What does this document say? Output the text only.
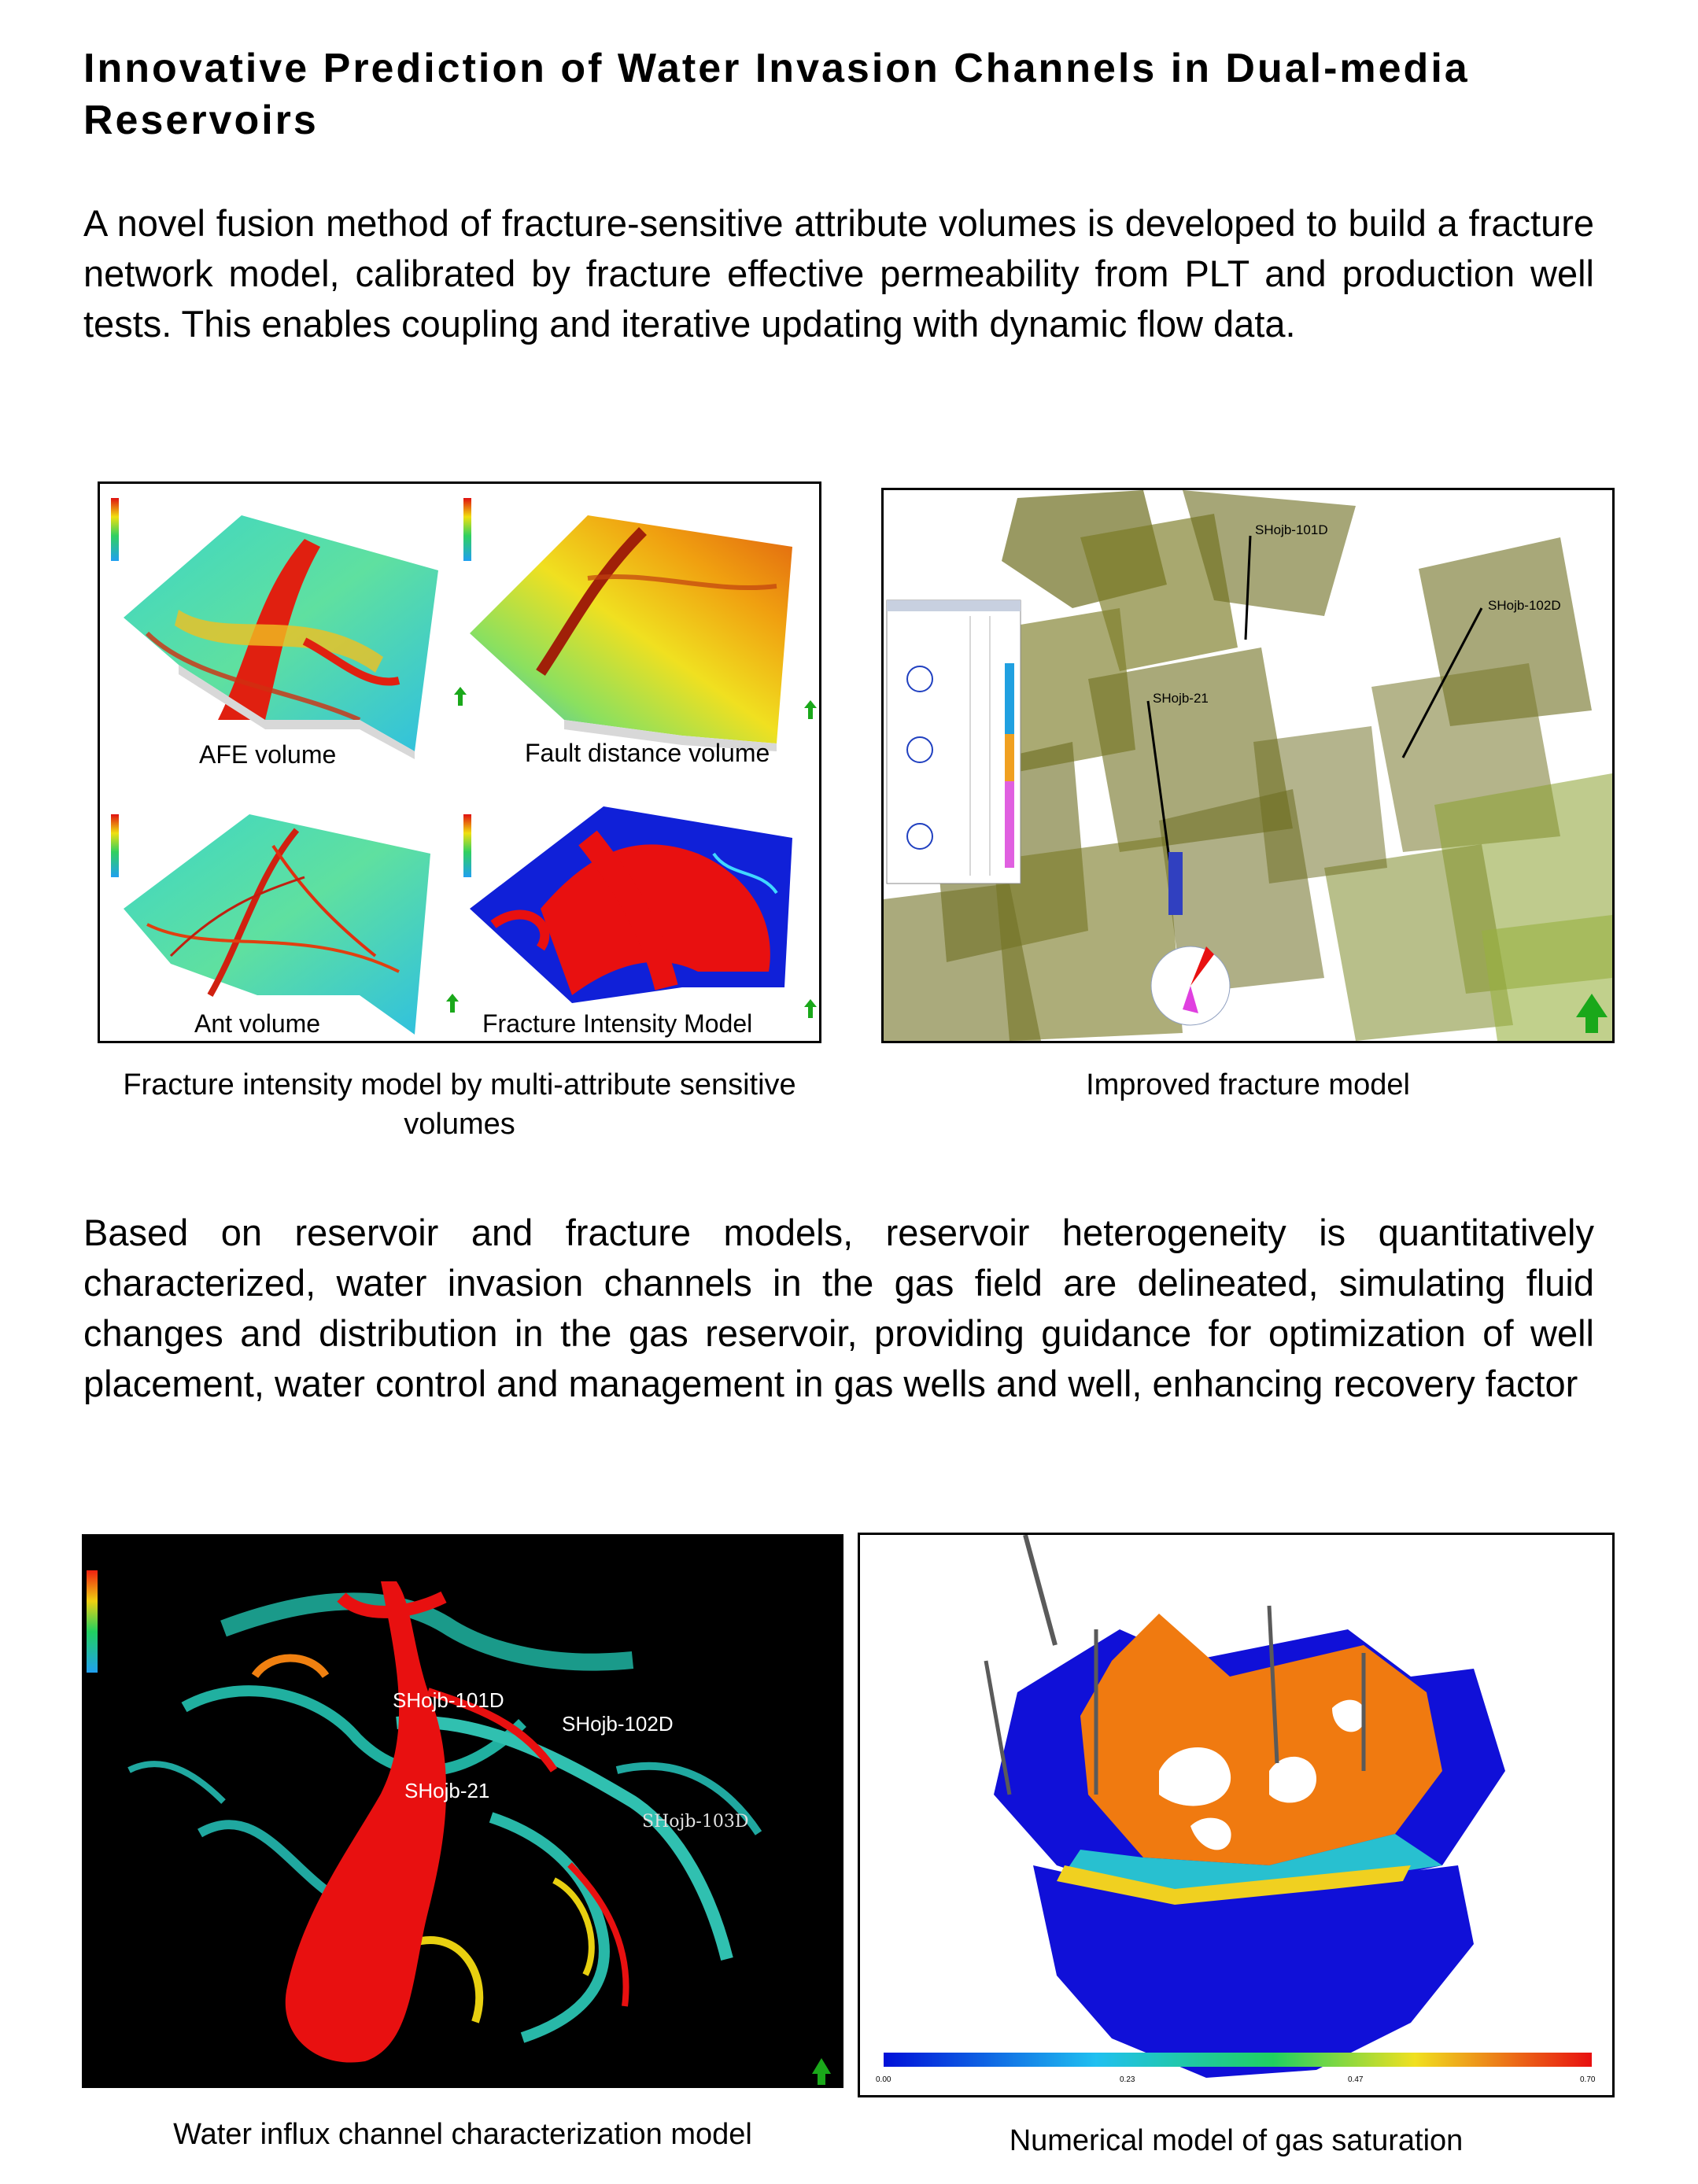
Innovative Prediction of Water Invasion Channels in Dual-media Reservoirs
A novel fusion method of fracture-sensitive attribute volumes is developed to build a fracture network model, calibrated by fracture effective permeability from PLT and production well tests. This enables coupling and iterative updating with dynamic flow data.
AFE volume	Fault distance volume
Ant volume	Fracture Intensity Model
Fracture intensity model by multi-attribute sensitive volumes
SHojb-101D
SHojb-102D
SHojb-21
Improved fracture model
Based on reservoir and fracture models, reservoir heterogeneity is quantitatively characterized, water invasion channels in the gas field are delineated, simulating fluid changes and distribution in the gas reservoir, providing guidance for optimization of well placement, water control and management in gas wells and well, enhancing recovery factor
SHojb-101D
SHojb-102D
SHojb-21
SHojb-103D
Water influx channel characterization model
0.00	0.23	0.47	0.70
Numerical model of gas saturation
